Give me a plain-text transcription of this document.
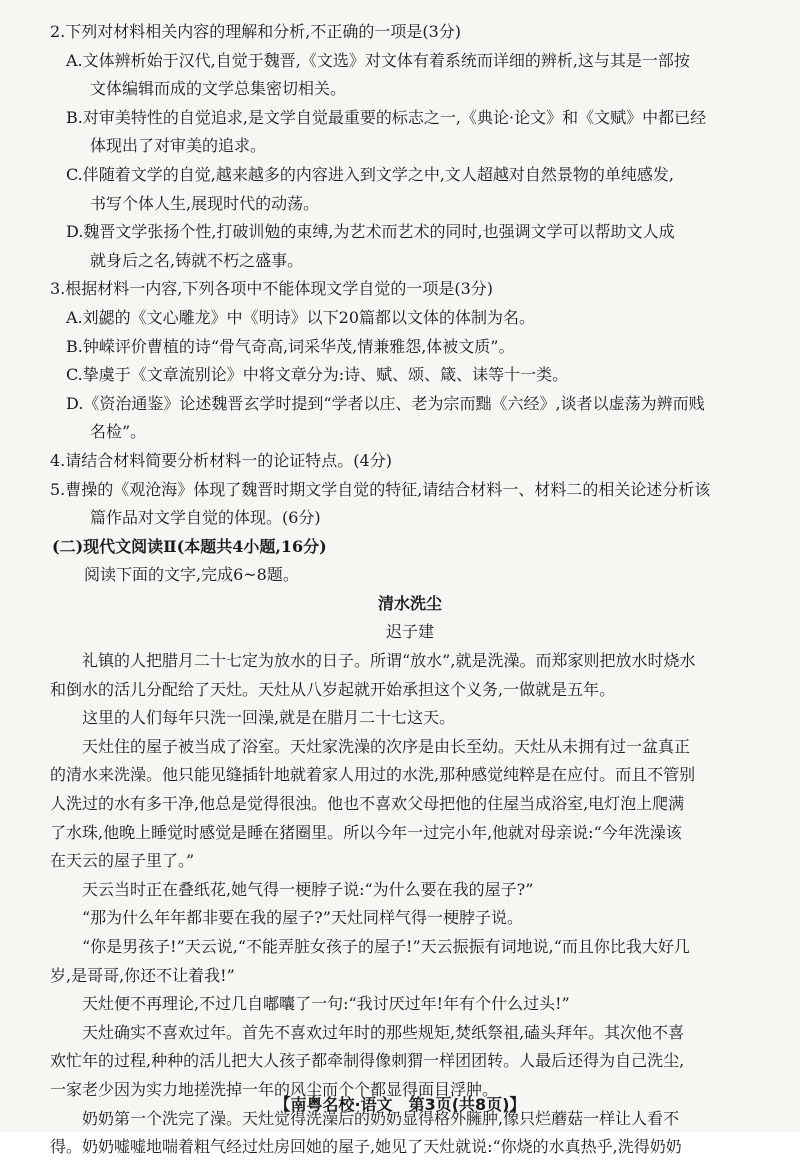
2.下列对材料相关内容的理解和分析,不正确的一项是(3分)
A.文体辨析始于汉代,自觉于魏晋,《文选》对文体有着系统而详细的辨析,这与其是一部按
文体编辑而成的文学总集密切相关。
B.对审美特性的自觉追求,是文学自觉最重要的标志之一,《典论·论文》和《文赋》中都已经
体现出了对审美的追求。
C.伴随着文学的自觉,越来越多的内容进入到文学之中,文人超越对自然景物的单纯感发,
书写个体人生,展现时代的动荡。
D.魏晋文学张扬个性,打破训勉的束缚,为艺术而艺术的同时,也强调文学可以帮助文人成
就身后之名,铸就不朽之盛事。
3.根据材料一内容,下列各项中不能体现文学自觉的一项是(3分)
A.刘勰的《文心雕龙》中《明诗》以下20篇都以文体的体制为名。
B.钟嵘评价曹植的诗“骨气奇高,词采华茂,情兼雅怨,体被文质”。
C.挚虞于《文章流别论》中将文章分为:诗、赋、颂、箴、诔等十一类。
D.《资治通鉴》论述魏晋玄学时提到“学者以庄、老为宗而黜《六经》,谈者以虚荡为辨而贱
名检”。
4.请结合材料简要分析材料一的论证特点。(4分)
5.曹操的《观沧海》体现了魏晋时期文学自觉的特征,请结合材料一、材料二的相关论述分析该
篇作品对文学自觉的体现。(6分)
(二)现代文阅读Ⅱ(本题共4小题,16分)
阅读下面的文字,完成6~8题。
清水洗尘
迟子建
　　礼镇的人把腊月二十七定为放水的日子。所谓“放水”,就是洗澡。而郑家则把放水时烧水
和倒水的活儿分配给了天灶。天灶从八岁起就开始承担这个义务,一做就是五年。
　　这里的人们每年只洗一回澡,就是在腊月二十七这天。
　　天灶住的屋子被当成了浴室。天灶家洗澡的次序是由长至幼。天灶从未拥有过一盆真正
的清水来洗澡。他只能见缝插针地就着家人用过的水洗,那种感觉纯粹是在应付。而且不管别
人洗过的水有多干净,他总是觉得很浊。他也不喜欢父母把他的住屋当成浴室,电灯泡上爬满
了水珠,他晚上睡觉时感觉是睡在猪圈里。所以今年一过完小年,他就对母亲说:“今年洗澡该
在天云的屋子里了。”
　　天云当时正在叠纸花,她气得一梗脖子说:“为什么要在我的屋子?”
　　“那为什么年年都非要在我的屋子?”天灶同样气得一梗脖子说。
　　“你是男孩子!”天云说,“不能弄脏女孩子的屋子!”天云振振有词地说,“而且你比我大好几
岁,是哥哥,你还不让着我!”
　　天灶便不再理论,不过几自嘟囔了一句:“我讨厌过年!年有个什么过头!”
　　天灶确实不喜欢过年。首先不喜欢过年时的那些规矩,焚纸祭祖,磕头拜年。其次他不喜
欢忙年的过程,种种的活儿把大人孩子都牵制得像刺猬一样团团转。人最后还得为自己洗尘,
一家老少因为实力地搓洗掉一年的风尘而个个都显得面目浮肿。
　　奶奶第一个洗完了澡。天灶觉得洗澡后的奶奶显得格外臃肿,像只烂蘑菇一样让人看不
得。奶奶嘘嘘地喘着粗气经过灶房回她的屋子,她见了天灶就说:“你烧的水真热乎,洗得奶奶
【南粤名校·语文　第3页(共8页)】
